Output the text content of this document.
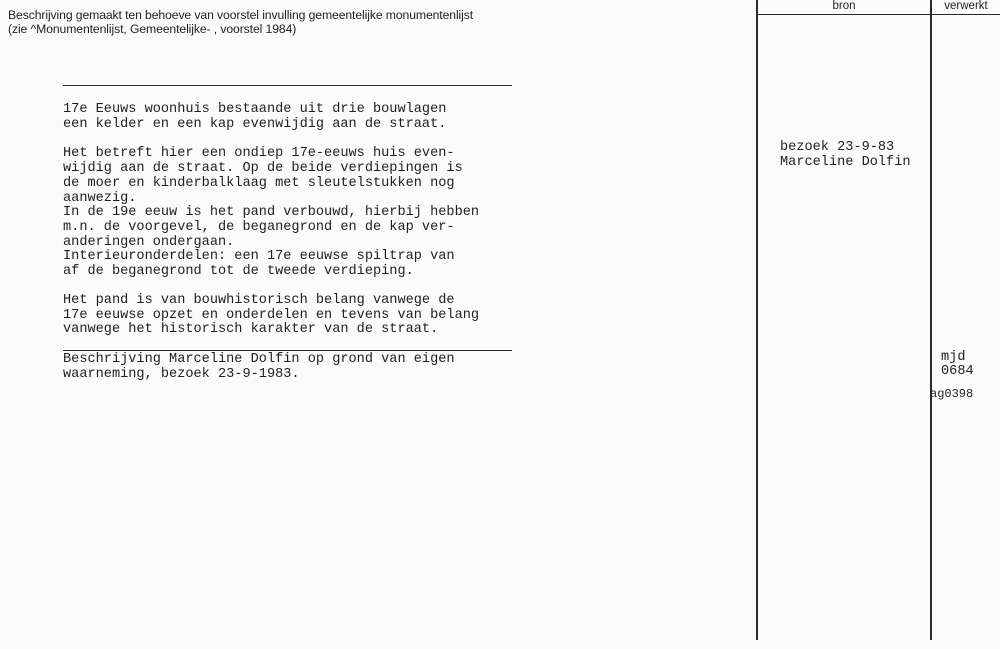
Beschrijving gemaakt ten behoeve van voorstel invulling gemeentelijke monumentenlijst
(zie ^Monumentenlijst, Gemeentelijke- , voorstel 1984)
bron	verwerkt
17e Eeuws woonhuis bestaande uit drie bouwlagen
een kelder en een kap evenwijdig aan de straat.
Het betreft hier een ondiep 17e-eeuws huis even-
wijdig aan de straat. Op de beide verdiepingen is
de moer en kinderbalklaag met sleutelstukken nog
aanwezig.
In de 19e eeuw is het pand verbouwd, hierbij hebben
m.n. de voorgevel, de beganegrond en de kap ver-
anderingen ondergaan.
Interieuronderdelen: een 17e eeuwse spiltrap van
af de beganegrond tot de tweede verdieping.
Het pand is van bouwhistorisch belang vanwege de
17e eeuwse opzet en onderdelen en tevens van belang
vanwege het historisch karakter van de straat.
Beschrijving Marceline Dolfin op grond van eigen
waarneming, bezoek 23-9-1983.
bezoek 23-9-83
Marceline Dolfin
mjd
0684
ag0398
